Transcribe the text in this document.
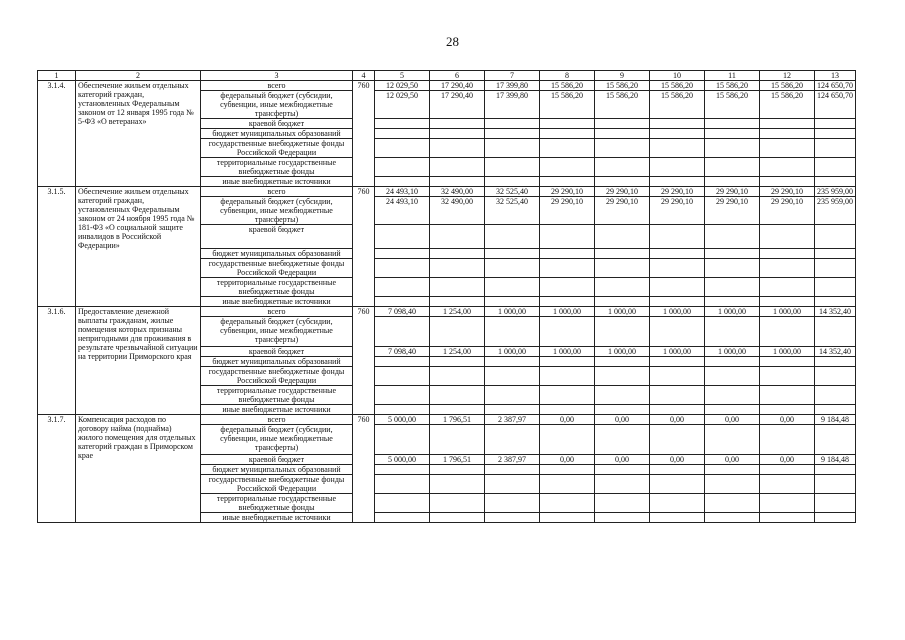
28
1	2	3	4	5	6	7	8	9	10	11	12	13
3.1.4.	Обеспечение жильем отдельных категорий граждан, установленных Федеральным законом от 12 января 1995 года № 5-ФЗ «О ветеранах»	всего	760	12 029,50	17 290,40	17 399,80	15 586,20	15 586,20	15 586,20	15 586,20	15 586,20	124 650,70
		федеральный бюджет (субсидии, субвенции, иные межбюджетные трансферты)		12 029,50	17 290,40	17 399,80	15 586,20	15 586,20	15 586,20	15 586,20	15 586,20	124 650,70
		краевой бюджет										
		бюджет муниципальных образований										
		государственные внебюджетные фонды Российской Федерации										
		территориальные государственные внебюджетные фонды										
		иные внебюджетные источники										
3.1.5.	Обеспечение жильем отдельных категорий граждан, установленных Федеральным законом от 24 ноября 1995 года № 181-ФЗ «О социальной защите инвалидов в Российской Федерации»	всего	760	24 493,10	32 490,00	32 525,40	29 290,10	29 290,10	29 290,10	29 290,10	29 290,10	235 959,00
		федеральный бюджет (субсидии, субвенции, иные межбюджетные трансферты)		24 493,10	32 490,00	32 525,40	29 290,10	29 290,10	29 290,10	29 290,10	29 290,10	235 959,00
		краевой бюджет										
		бюджет муниципальных образований										
		государственные внебюджетные фонды Российской Федерации										
		территориальные государственные внебюджетные фонды										
		иные внебюджетные источники										
3.1.6.	Предоставление денежной выплаты гражданам, жилые помещения которых признаны непригодными для проживания в результате чрезвычайной ситуации на территории Приморского края	всего	760	7 098,40	1 254,00	1 000,00	1 000,00	1 000,00	1 000,00	1 000,00	1 000,00	14 352,40
		федеральный бюджет (субсидии, субвенции, иные межбюджетные трансферты)										
		краевой бюджет		7 098,40	1 254,00	1 000,00	1 000,00	1 000,00	1 000,00	1 000,00	1 000,00	14 352,40
		бюджет муниципальных образований										
		государственные внебюджетные фонды Российской Федерации										
		территориальные государственные внебюджетные фонды										
		иные внебюджетные источники										
3.1.7.	Компенсация расходов по договору найма (поднайма) жилого помещения для отдельных категорий граждан в Приморском крае	всего	760	5 000,00	1 796,51	2 387,97	0,00	0,00	0,00	0,00	0,00	9 184,48
		федеральный бюджет (субсидии, субвенции, иные межбюджетные трансферты)										
		краевой бюджет		5 000,00	1 796,51	2 387,97	0,00	0,00	0,00	0,00	0,00	9 184,48
		бюджет муниципальных образований										
		государственные внебюджетные фонды Российской Федерации										
		территориальные государственные внебюджетные фонды										
		иные внебюджетные источники										
